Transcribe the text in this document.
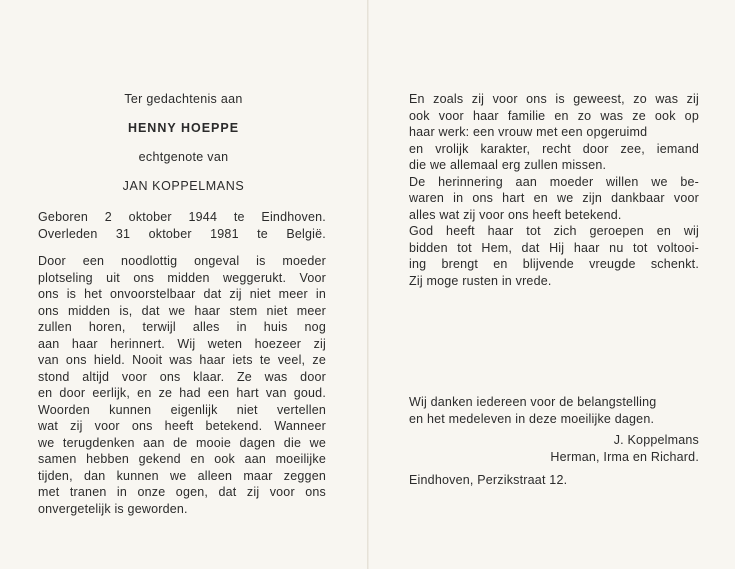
Ter gedachtenis aan
HENNY HOEPPE
echtgenote van
JAN KOPPELMANS
Geboren 2 oktober 1944 te Eindhoven.
Overleden 31 oktober 1981 te België.
Door een noodlottig ongeval is moeder
plotseling uit ons midden weggerukt. Voor
ons is het onvoorstelbaar dat zij niet meer in
ons midden is, dat we haar stem niet meer
zullen horen, terwijl alles in huis nog
aan haar herinnert. Wij weten hoezeer zij
van ons hield. Nooit was haar iets te veel, ze
stond altijd voor ons klaar. Ze was door
en door eerlijk, en ze had een hart van goud.
Woorden kunnen eigenlijk niet vertellen
wat zij voor ons heeft betekend. Wanneer
we terugdenken aan de mooie dagen die we
samen hebben gekend en ook aan moeilijke
tijden, dan kunnen we alleen maar zeggen
met tranen in onze ogen, dat zij voor ons
onvergetelijk is geworden.
En zoals zij voor ons is geweest, zo was zij
ook voor haar familie en zo was ze ook op
haar werk: een vrouw met een opgeruimd
en vrolijk karakter, recht door zee, iemand
die we allemaal erg zullen missen.
De herinnering aan moeder willen we be-
waren in ons hart en we zijn dankbaar voor
alles wat zij voor ons heeft betekend.
God heeft haar tot zich geroepen en wij
bidden tot Hem, dat Hij haar nu tot voltooi-
ing brengt en blijvende vreugde schenkt.
Zij moge rusten in vrede.
Wij danken iedereen voor de belangstelling
en het medeleven in deze moeilijke dagen.
J. Koppelmans
Herman, Irma en Richard.
Eindhoven, Perzikstraat 12.
